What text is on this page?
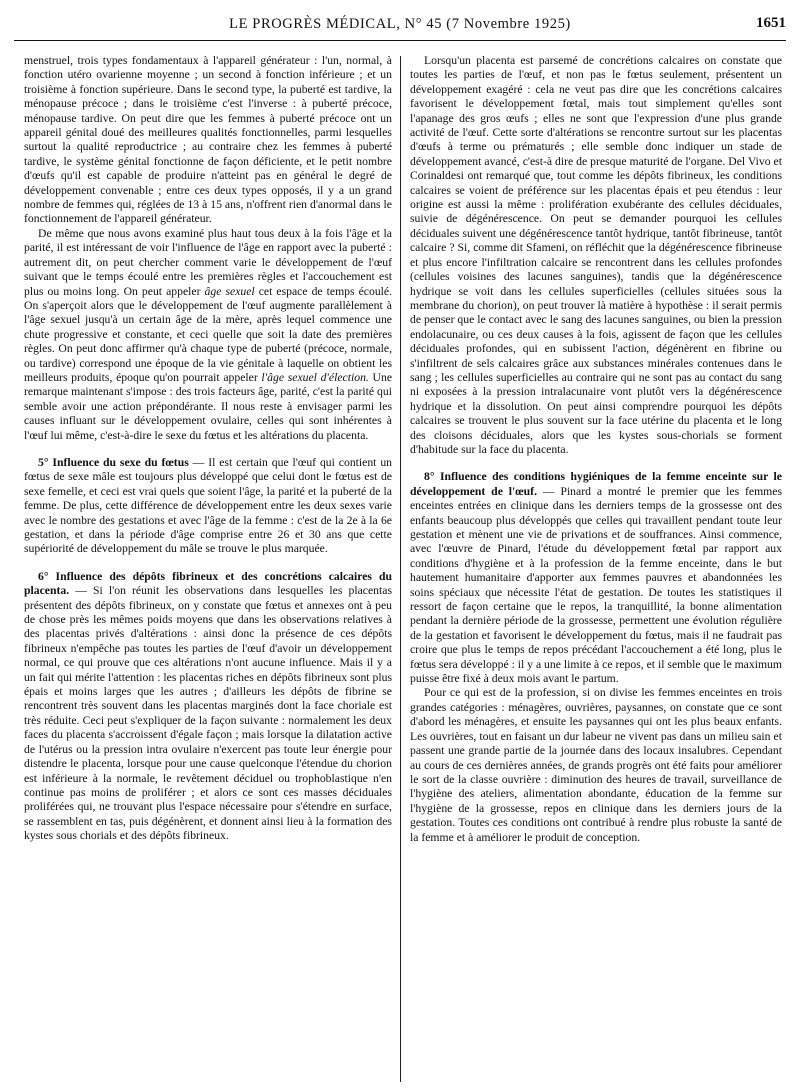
LE PROGRÈS MÉDICAL, N° 45 (7 Novembre 1925)	1651

menstruel, trois types fondamentaux à l'appareil générateur : l'un, normal, à fonction utéro ovarienne moyenne ; un second à fonction inférieure ; et un troisième à fonction supérieure. Dans le second type, la puberté est tardive, la ménopause précoce ; dans le troisième c'est l'inverse : à puberté précoce, ménopause tardive. On peut dire que les femmes à puberté précoce ont un appareil génital doué des meilleures qualités fonctionnelles, parmi lesquelles surtout la qualité reproductrice ; au contraire chez les femmes à puberté tardive, le système génital fonctionne de façon déficiente, et le petit nombre d'œufs qu'il est capable de produire n'atteint pas en général le degré de développement convenable ; entre ces deux types opposés, il y a un grand nombre de femmes qui, réglées de 13 à 15 ans, n'offrent rien d'anormal dans le fonctionnement de l'appareil générateur.

De même que nous avons examiné plus haut tous deux à la fois l'âge et la parité, il est intéressant de voir l'influence de l'âge en rapport avec la puberté : autrement dit, on peut chercher comment varie le développement de l'œuf suivant que le temps écoulé entre les premières règles et l'accouchement est plus ou moins long. On peut appeler âge sexuel cet espace de temps écoulé. On s'aperçoit alors que le développement de l'œuf augmente parallèlement à l'âge sexuel jusqu'à un certain âge de la mère, après lequel commence une chute progressive et constante, et ceci quelle que soit la date des premières règles. On peut donc affirmer qu'à chaque type de puberté (précoce, normale, ou tardive) correspond une époque de la vie génitale à laquelle on obtient les meilleurs produits, époque qu'on pourrait appeler l'âge sexuel d'élection. Une remarque maintenant s'impose : des trois facteurs âge, parité, c'est la parité qui semble avoir une action prépondérante. Il nous reste à envisager parmi les causes influant sur le développement ovulaire, celles qui sont inhérentes à l'œuf lui même, c'est-à-dire le sexe du fœtus et les altérations du placenta.

5° Influence du sexe du fœtus — Il est certain que l'œuf qui contient un fœtus de sexe mâle est toujours plus développé que celui dont le fœtus est de sexe femelle, et ceci est vrai quels que soient l'âge, la parité et la puberté de la femme. De plus, cette différence de développement entre les deux sexes varie avec le nombre des gestations et avec l'âge de la femme : c'est de la 2e à la 6e gestation, et dans la période d'âge comprise entre 26 et 30 ans que cette supériorité de développement du mâle se trouve le plus marquée.

6° Influence des dépôts fibrineux et des concrétions calcaires du placenta. — Si l'on réunit les observations dans lesquelles les placentas présentent des dépôts fibrineux, on y constate que fœtus et annexes ont à peu de chose près les mêmes poids moyens que dans les observations relatives à des placentas privés d'altérations : ainsi donc la présence de ces dépôts fibrineux n'empêche pas toutes les parties de l'œuf d'avoir un développement normal, ce qui prouve que ces altérations n'ont aucune influence. Mais il y a un fait qui mérite l'attention : les placentas riches en dépôts fibrineux sont plus épais et moins larges que les autres ; d'ailleurs les dépôts de fibrine se rencontrent très souvent dans les placentas marginés dont la face choriale est très réduite. Ceci peut s'expliquer de la façon suivante : normalement les deux faces du placenta s'accroissent d'égale façon ; mais lorsque la dilatation active de l'utérus ou la pression intra ovulaire n'exercent pas toute leur énergie pour distendre le placenta, lorsque pour une cause quelconque l'étendue du chorion est inférieure à la normale, le revêtement déciduel ou trophoblastique n'en continue pas moins de proliférer ; et alors ce sont ces masses déciduales proliférées qui, ne trouvant plus l'espace nécessaire pour s'étendre en surface, se rassemblent en tas, puis dégénèrent, et donnent ainsi lieu à la formation des kystes sous chorials et des dépôts fibrineux.

Lorsqu'un placenta est parsemé de concrétions calcaires on constate que toutes les parties de l'œuf, et non pas le fœtus seulement, présentent un développement exagéré : cela ne veut pas dire que les concrétions calcaires favorisent le développement fœtal, mais tout simplement qu'elles sont l'apanage des gros œufs ; elles ne sont que l'expression d'une plus grande activité de l'œuf. Cette sorte d'altérations se rencontre surtout sur les placentas d'œufs à terme ou prématurés ; elle semble donc indiquer un stade de développement avancé, c'est-à dire de presque maturité de l'organe. Del Vivo et Corinaldesi ont remarqué que, tout comme les dépôts fibrineux, les conditions calcaires se voient de préférence sur les placentas épais et peu étendus : leur origine est aussi la même : prolifération exubérante des cellules déciduales, suivie de dégénérescence. On peut se demander pourquoi les cellules déciduales suivent une dégénérescence tantôt hydrique, tantôt fibrineuse, tantôt calcaire ? Si, comme dit Sfameni, on réfléchit que la dégénérescence fibrineuse et plus encore l'infiltration calcaire se rencontrent dans les cellules profondes (cellules voisines des lacunes sanguines), tandis que la dégénérescence hydrique se voit dans les cellules superficielles (cellules situées sous la membrane du chorion), on peut trouver là matière à hypothèse : il serait permis de penser que le contact avec le sang des lacunes sanguines, ou bien la pression endolacunaire, ou ces deux causes à la fois, agissent de façon que les cellules déciduales profondes, qui en subissent l'action, dégénèrent en fibrine ou s'infiltrent de sels calcaires grâce aux substances minérales contenues dans le sang ; les cellules superficielles au contraire qui ne sont pas au contact du sang ni exposées à la pression intralacunaire vont plutôt vers la dégénérescence hydrique et la dissolution. On peut ainsi comprendre pourquoi les dépôts calcaires se trouvent le plus souvent sur la face utérine du placenta et le long des cloisons déciduales, alors que les kystes sous-chorials se forment d'habitude sur la face du placenta.

8° Influence des conditions hygiéniques de la femme enceinte sur le développement de l'œuf. — Pinard a montré le premier que les femmes enceintes entrées en clinique dans les derniers temps de la grossesse ont des enfants beaucoup plus développés que celles qui travaillent pendant toute leur gestation et mènent une vie de privations et de souffrances. Ainsi commence, avec l'œuvre de Pinard, l'étude du développement fœtal par rapport aux conditions d'hygiène et à la profession de la femme enceinte, dans le but hautement humanitaire d'apporter aux femmes pauvres et abandonnées les soins spéciaux que nécessite l'état de gestation. De toutes les statistiques il ressort de façon certaine que le repos, la tranquillité, la bonne alimentation pendant la dernière période de la grossesse, permettent une évolution régulière de la gestation et favorisent le développement du fœtus, mais il ne faudrait pas croire que plus le temps de repos précédant l'accouchement a été long, plus le fœtus sera développé : il y a une limite à ce repos, et il semble que le maximum puisse être fixé à deux mois avant le partum.

Pour ce qui est de la profession, si on divise les femmes enceintes en trois grandes catégories : ménagères, ouvrières, paysannes, on constate que ce sont d'abord les ménagères, et ensuite les paysannes qui ont les plus beaux enfants. Les ouvrières, tout en faisant un dur labeur ne vivent pas dans un milieu sain et passent une grande partie de la journée dans des locaux insalubres. Cependant au cours de ces dernières années, de grands progrès ont été faits pour améliorer le sort de la classe ouvrière : diminution des heures de travail, surveillance de l'hygiène des ateliers, alimentation abondante, éducation de la femme sur l'hygiène de la grossesse, repos en clinique dans les derniers jours de la gestation. Toutes ces conditions ont contribué à rendre plus robuste la santé de la femme et à améliorer le produit de conception.
